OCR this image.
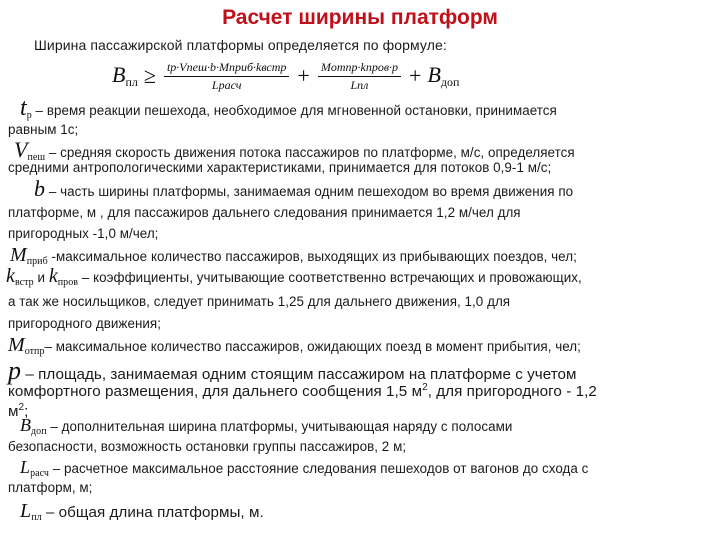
Расчет ширины платформ
Ширина пассажирской платформы определяется по формуле:
$B_{пл} \ge \frac{\text{tр·Vпеш·b·Mприб·kвстр}}{\text{Lрасч}} + \frac{\text{Mотпр·kпров·p}}{\text{Lпл}} + B_{доп}$
tр – время реакции пешехода, необходимое для мгновенной остановки, принимается
равным 1с;
Vпеш – средняя скорость движения потока пассажиров по платформе, м/с, определяется
средними антропологическими характеристиками, принимается для потоков 0,9-1 м/с;
b – часть ширины платформы, занимаемая одним пешеходом во время движения по
платформе, м , для пассажиров дальнего следования принимается 1,2 м/чел для
пригородных -1,0 м/чел;
Mприб -максимальное количество пассажиров, выходящих из прибывающих поездов, чел;
kвстр и kпров – коэффициенты, учитывающие соответственно встречающих и провожающих,
а так же носильщиков, следует принимать 1,25 для дальнего движения, 1,0 для
пригородного движения;
Mотпр– максимальное количество пассажиров, ожидающих поезд в момент прибытия, чел;
p – площадь, занимаемая одним стоящим пассажиром на платформе с учетом
комфортного размещения, для дальнего сообщения 1,5 $м^2$, для пригородного - 1,2
$м^2$;
Bдоп – дополнительная ширина платформы, учитывающая наряду с полосами
безопасности, возможность остановки группы пассажиров, 2 м;
Lрасч – расчетное максимальное расстояние следования пешеходов от вагонов до схода с
платформ, м;
Lпл – общая длина платформы, м.
